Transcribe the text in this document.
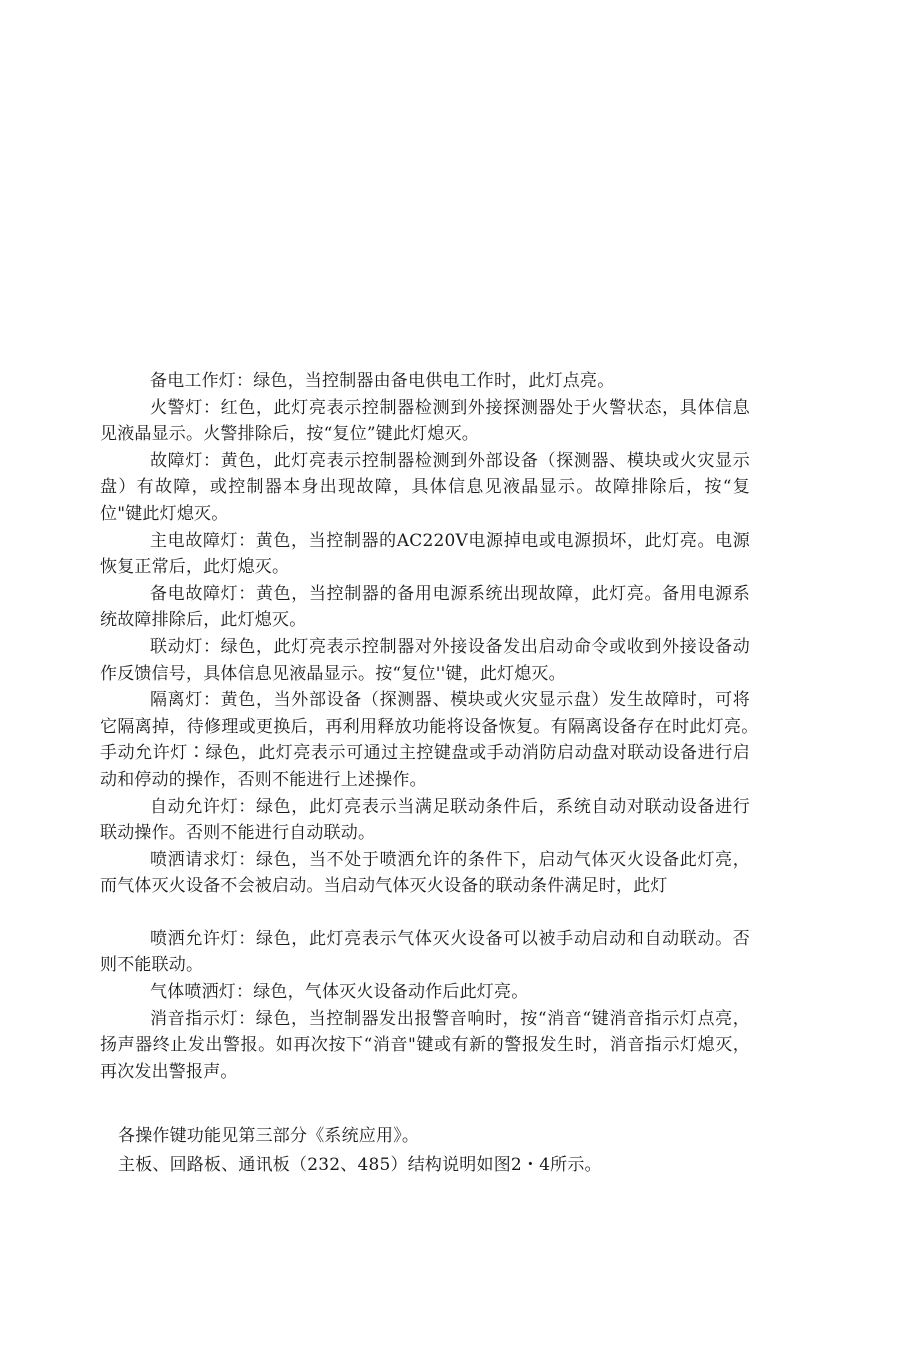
备电工作灯：绿色，当控制器由备电供电工作时，此灯点亮。

火警灯：红色，此灯亮表示控制器检测到外接探测器处于火警状态，具体信息见液晶显示。火警排除后，按“复位”键此灯熄灭。

故障灯：黄色，此灯亮表示控制器检测到外部设备（探测器、模块或火灾显示盘）有故障，或控制器本身出现故障，具体信息见液晶显示。故障排除后，按“复位"键此灯熄灭。

主电故障灯：黄色，当控制器的AC220V电源掉电或电源损坏，此灯亮。电源恢复正常后，此灯熄灭。

备电故障灯：黄色，当控制器的备用电源系统出现故障，此灯亮。备用电源系统故障排除后，此灯熄灭。

联动灯：绿色，此灯亮表示控制器对外接设备发出启动命令或收到外接设备动作反馈信号，具体信息见液晶显示。按“复位''键，此灯熄灭。

隔离灯：黄色，当外部设备（探测器、模块或火灾显示盘）发生故障时，可将它隔离掉，待修理或更换后，再利用释放功能将设备恢复。有隔离设备存在时此灯亮。　　　手动允许灯∶绿色，此灯亮表示可通过主控键盘或手动消防启动盘对联动设备进行启动和停动的操作，否则不能进行上述操作。

自动允许灯：绿色，此灯亮表示当满足联动条件后，系统自动对联动设备进行联动操作。否则不能进行自动联动。

喷洒请求灯：绿色，当不处于喷洒允许的条件下，启动气体灭火设备此灯亮，而气体灭火设备不会被启动。当启动气体灭火设备的联动条件满足时，此灯

喷洒允许灯：绿色，此灯亮表示气体灭火设备可以被手动启动和自动联动。否则不能联动。

气体喷洒灯：绿色，气体灭火设备动作后此灯亮。

消音指示灯：绿色，当控制器发出报警音响时，按“消音“键消音指示灯点亮，扬声器终止发出警报。如再次按下“消音"键或有新的警报发生时，消音指示灯熄灭，再次发出警报声。

各操作键功能见第三部分《系统应用》。

主板、回路板、通讯板（232、485）结构说明如图2・4所示。
